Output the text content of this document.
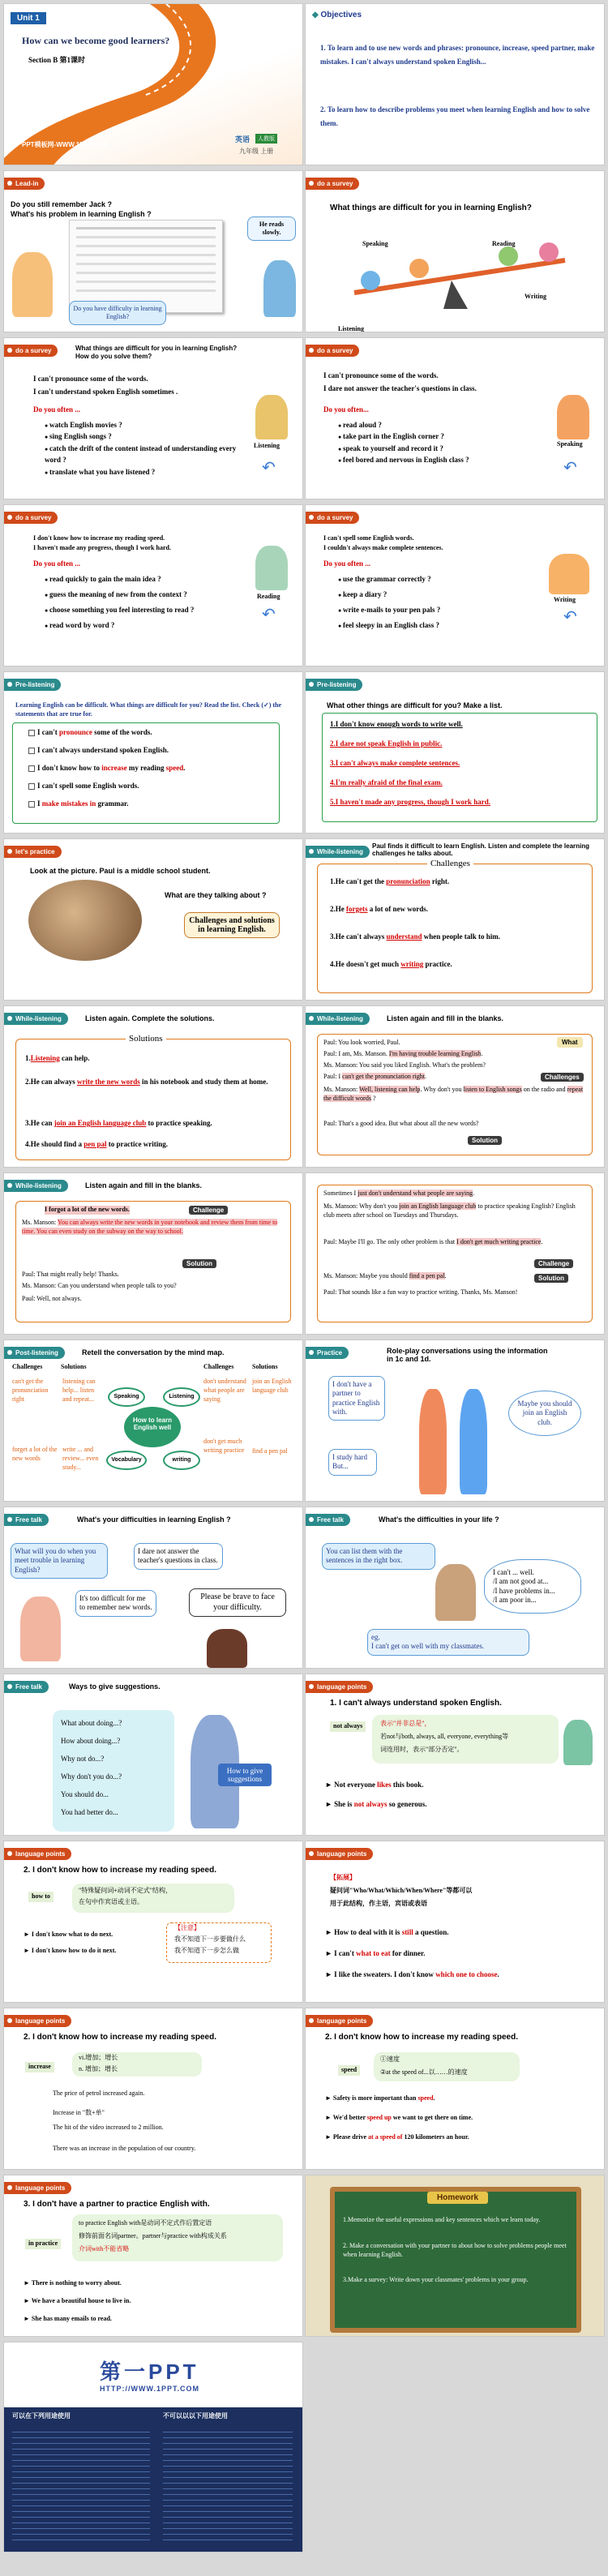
Unit 1
How can we become good learners?
Section B 第1课时
第一PPT模板网-WWW.1PPT.COM
英语	人教版
九年级 上册
◆ Objectives
1. To learn and to use new words and phrases: pronounce, increase, speed partner, make mistakes. I can't always understand spoken English...
2. To learn how to describe problems you meet when learning English and how to solve them.
Lead-in
Do you still remember Jack ?
What's his problem in learning English ?
He reads slowly.
Do you have difficulty in learning English?
do a survey
What things are difficult for you in learning English?
Speaking	Reading
Listening
Writing
do a survey	What things are difficult for you in learning English?
How do you solve them?
I can't pronounce some of the words.
I can't understand spoken English sometimes .
Do you often ...
● watch English movies ?
● sing English songs ?
● catch the drift of the content instead of understanding every word ?
● translate what you have listened ?
Listening
↶
do a survey
I can't pronounce some of the words.
I dare not answer the teacher's questions in class.
Do you often...
● read aloud ?
● take part in the English corner ?
● speak to yourself and record it ?
● feel bored and nervous in English class ?
Speaking
↶
do a survey
I don't know how to increase my reading speed.
I haven't made any progress, though I work hard.
Do you often ...
● read quickly to gain the main idea ?
● guess the meaning of new from the context ?
● choose something you feel interesting to read ?
● read word by word ?
Reading
↶
do a survey
I can't spell some English words.
I couldn't always make complete sentences.
Do you often ...
● use the grammar correctly ?
● keep a diary ?
● write e-mails to your pen pals ?
● feel sleepy in an English class ?
Writing
↶
Pre-listening
Learning English can be difficult. What things are difficult for you? Read the list. Check (✓) the statements that are true for.
I can't pronounce some of the words.
I can't always understand spoken English.
I don't know how to increase my reading speed.
I can't spell some English words.
I make mistakes in grammar.
Pre-listening
What other things are difficult for you? Make a list.
1.I don't know enough words to write well.
2.I dare not speak English in public.
3.I can't always make complete sentences.
4.I'm really afraid of the final exam.
5.I haven't made any progress, though I work hard.
let's practice
Look at the picture. Paul is a middle school student.
What are they talking about ?
Challenges and solutions in learning English.
While-listening
Paul finds it difficult to learn English. Listen and complete the learning challenges he talks about.
Challenges
1.He can't get the pronunciation right.
2.He forgets a lot of new words.
3.He can't always understand when people talk to him.
4.He doesn't get much writing practice.
While-listening	Listen again. Complete the solutions.
Solutions
1.Listening can help.
2.He can always write the new words in his notebook and study them at home.
3.He can join an English language club to practice speaking.
4.He should find a pen pal to practice writing.
While-listening	Listen again and fill in the blanks.
What
Paul: You look worried, Paul.
Paul: I am, Ms. Manson. I'm having trouble learning English.
Ms. Manson: You said you liked English. What's the problem?
Paul: I can't get the pronunciation right.	Challenges
Ms. Manson: Well, listening can help. Why don't you listen to English songs on the radio and repeat the difficult words ?
Paul: That's a good idea. But what about all the new words?
Solution
While-listening	Listen again and fill in the blanks.
I forgot a lot of the new words.	Challenge
Ms. Manson: You can always write the new words in your notebook and review them from time to time. You can even study on the subway on the way to school.
Solution
Paul: That might really help! Thanks.
Ms. Manson: Can you understand when people talk to you?
Paul: Well, not always.
Sometimes I just don't understand what people are saying.
Ms. Manson: Why don't you join an English language club to practice speaking English? English club meets after school on Tuesdays and Thursdays.
Paul: Maybe I'll go. The only other problem is that I don't get much writing practice.
Challenge
Ms. Manson: Maybe you should find a pen pal.	Solution
Paul: That sounds like a fun way to practice writing. Thanks, Ms. Manson!
Post-listening	Retell the conversation by the mind map.
Challenges	Solutions	Challenges	Solutions
can't get the pronunciation right
listening can help... listen and repeat...
don't understand what people are saying
join an English language club
forget a lot of the new words
write ... and review... even study...
don't get much writing practice	find a pen pal
How to learn English well
Speaking	Listening
Vocabulary	writing
Practice	Role-play conversations using the information in 1c and 1d.
I don't have a partner to practice English with.
Maybe you should join an English club.
I study hard But...
Free talk	What's your difficulties in learning English ?
What will you do when you meet trouble in learning English?
I dare not answer the teacher's questions in class.
It's too difficult for me to remember new words.
Please be brave to face your difficulty.
Free talk	What's the difficulties in your life ?
You can list them with the sentences in the right box.
I can't ... well.
/I am not good at...
/I have problems in...
/I am poor in...
eg.
I can't get on well with my classmates.
Free talk	Ways to give suggestions.
What about doing...?
How about doing...?
Why not do...?
Why don't you do...?
You should do...
You had better do...
How to give suggestions
language points
1. I can't always understand spoken English.
not always	表示"并非总是"，
若not与both, always, all, everyone, everything等
词连用时，表示"部分否定"。
► Not everyone likes this book.
► She is not always so generous.
language points
2. I don't know how to increase my reading speed.
how to
"特殊疑问词+动词不定式"结构，
在句中作宾语或主语。
► I don't know what to do next.
► I don't know how to do it next.
【注意】
我不知道下一步要做什么
我不知道下一步怎么做
language points
【拓展】
疑问词"Who/What/Which/When/Where"等都可以
用于此结构，作主语，宾语或表语
► How to deal with it is still a question.
► I can't what to eat for dinner.
► I like the sweaters. I don't know which one to choose.
language points
2. I don't know how to increase my reading speed.
increase
vi.增加；增长
n. 增加；增长
The price of petrol increased again.
Increase in "数+单"
The hit of the video increased to 2 million.
There was an increase in the population of our country.
language points
2. I don't know how to increase my reading speed.
speed
①速度
②at the speed of...以……的速度
► Safety is more important than speed.
► We'd better speed up we want to get there on time.
► Please drive at a speed of 120 kilometers an hour.
language points
3. I don't have a partner to practice English with.
in practice
to practice English with是动词不定式作后置定语
修饰前面名词partner。partner与practice with构成关系
介词with不能省略
► There is nothing to worry about.
► We have a beautiful house to live in.
► She has many emails to read.
Homework
1.Memorize the useful expressions and key sentences which we learn today.
2. Make a conversation with your partner to about how to solve problems people meet when learning English.
3.Make a survey: Write down your classmates' problems in your group.
第一PPT
HTTP://WWW.1PPT.COM
可以在下列用途使用	不可以以以下用途使用
